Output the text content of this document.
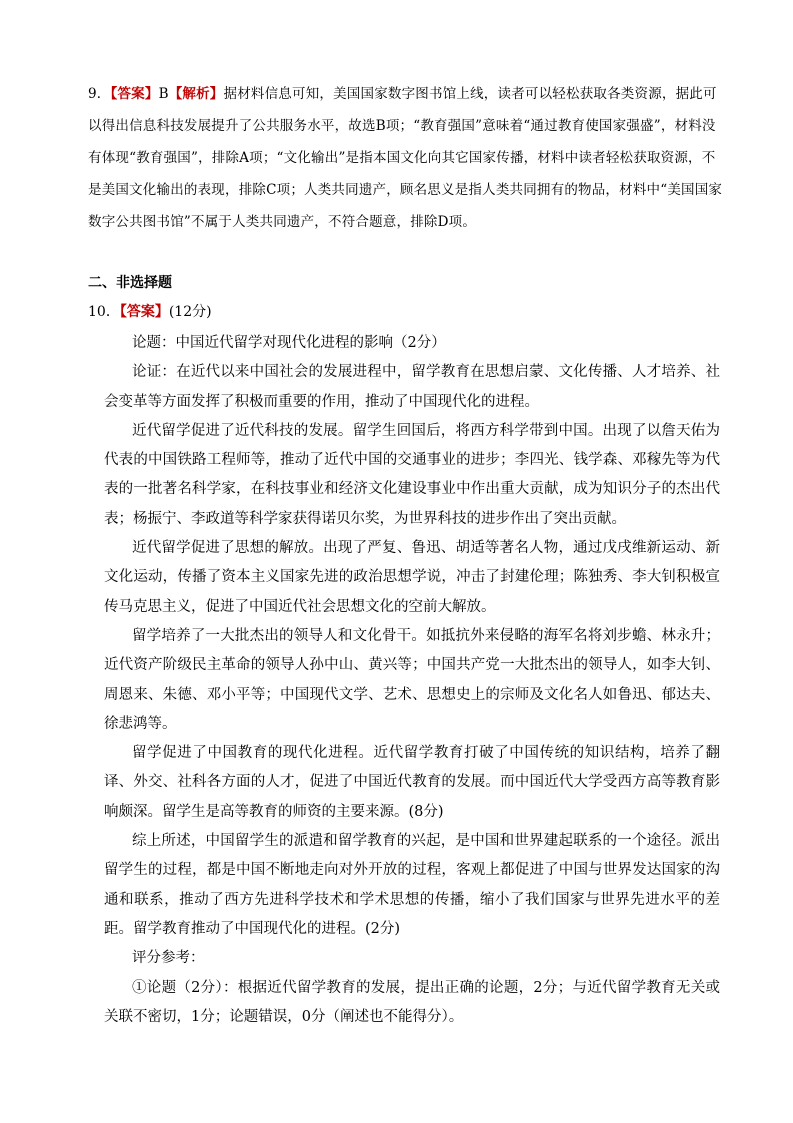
9．【答案】B【解析】据材料信息可知，美国国家数字图书馆上线，读者可以轻松获取各类资源，据此可以得出信息科技发展提升了公共服务水平，故选B项；“教育强国”意味着“通过教育使国家强盛”，材料没有体现“教育强国”，排除A项；“文化输出”是指本国文化向其它国家传播，材料中读者轻松获取资源，不是美国文化输出的表现，排除C项；人类共同遗产，顾名思义是指人类共同拥有的物品，材料中“美国国家数字公共图书馆”不属于人类共同遗产，不符合题意，排除D项。
二、非选择题
10．【答案】(12分)

论题：中国近代留学对现代化进程的影响（2分）

论证：在近代以来中国社会的发展进程中，留学教育在思想启蒙、文化传播、人才培养、社会变革等方面发挥了积极而重要的作用，推动了中国现代化的进程。

近代留学促进了近代科技的发展。留学生回国后，将西方科学带到中国。出现了以詹天佑为代表的中国铁路工程师等，推动了近代中国的交通事业的进步；李四光、钱学森、邓稼先等为代表的一批著名科学家，在科技事业和经济文化建设事业中作出重大贡献，成为知识分子的杰出代表；杨振宁、李政道等科学家获得诺贝尔奖，为世界科技的进步作出了突出贡献。

近代留学促进了思想的解放。出现了严复、鲁迅、胡适等著名人物，通过戊戌维新运动、新文化运动，传播了资本主义国家先进的政治思想学说，冲击了封建伦理；陈独秀、李大钊积极宣传马克思主义，促进了中国近代社会思想文化的空前大解放。

留学培养了一大批杰出的领导人和文化骨干。如抵抗外来侵略的海军名将刘步蟾、林永升；近代资产阶级民主革命的领导人孙中山、黄兴等；中国共产党一大批杰出的领导人，如李大钊、周恩来、朱德、邓小平等；中国现代文学、艺术、思想史上的宗师及文化名人如鲁迅、郁达夫、徐悲鸿等。

留学促进了中国教育的现代化进程。近代留学教育打破了中国传统的知识结构，培养了翻译、外交、社科各方面的人才，促进了中国近代教育的发展。而中国近代大学受西方高等教育影响颇深。留学生是高等教育的师资的主要来源。(8分)

综上所述，中国留学生的派遣和留学教育的兴起，是中国和世界建起联系的一个途径。派出留学生的过程，都是中国不断地走向对外开放的过程，客观上都促进了中国与世界发达国家的沟通和联系，推动了西方先进科学技术和学术思想的传播，缩小了我们国家与世界先进水平的差距。留学教育推动了中国现代化的进程。(2分)

评分参考：

①论题（2分）：根据近代留学教育的发展，提出正确的论题，2分；与近代留学教育无关或关联不密切，1分；论题错误，0分（阐述也不能得分）。
